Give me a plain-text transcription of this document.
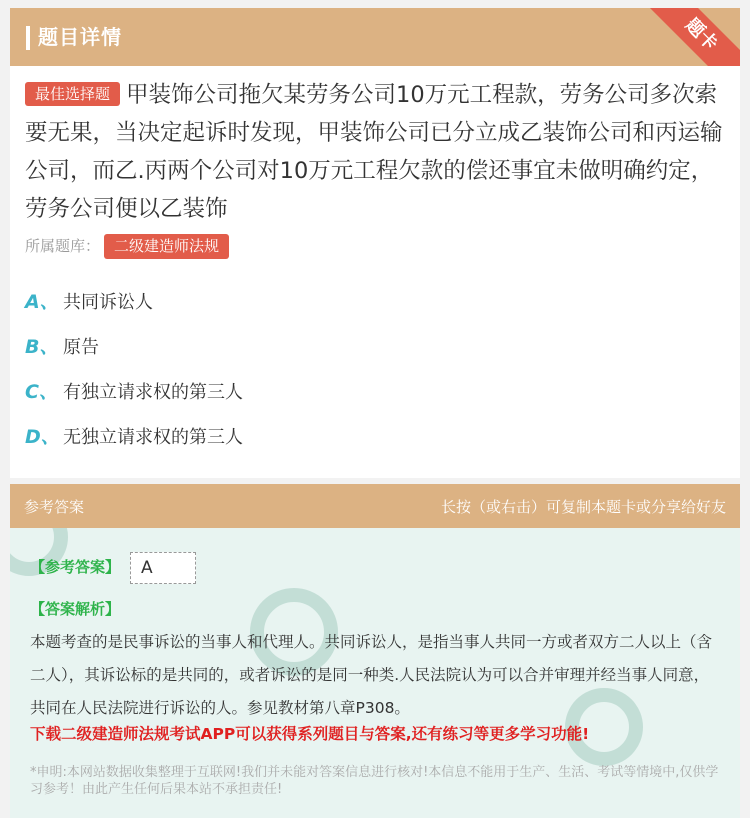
题目详情	题卡
最佳选择题 甲装饰公司拖欠某劳务公司10万元工程款，劳务公司多次索要无果，当决定起诉时发现，甲装饰公司已分立成乙装饰公司和丙运输公司，而乙.丙两个公司对10万元工程欠款的偿还事宜未做明确约定，劳务公司便以乙装饰
所属题库： 二级建造师法规
A、 共同诉讼人
B、 原告
C、 有独立请求权的第三人
D、 无独立请求权的第三人
参考答案	长按（或右击）可复制本题卡或分享给好友
【参考答案】	A
【答案解析】
本题考查的是民事诉讼的当事人和代理人。共同诉讼人，是指当事人共同一方或者双方二人以上（含二人），其诉讼标的是共同的，或者诉讼的是同一种类.人民法院认为可以合并审理并经当事人同意，共同在人民法院进行诉讼的人。参见教材第八章P308。
下载二级建造师法规考试APP可以获得系列题目与答案,还有练习等更多学习功能!
*申明:本网站数据收集整理于互联网!我们并未能对答案信息进行核对!本信息不能用于生产、生活、考试等情境中,仅供学习参考！由此产生任何后果本站不承担责任!
